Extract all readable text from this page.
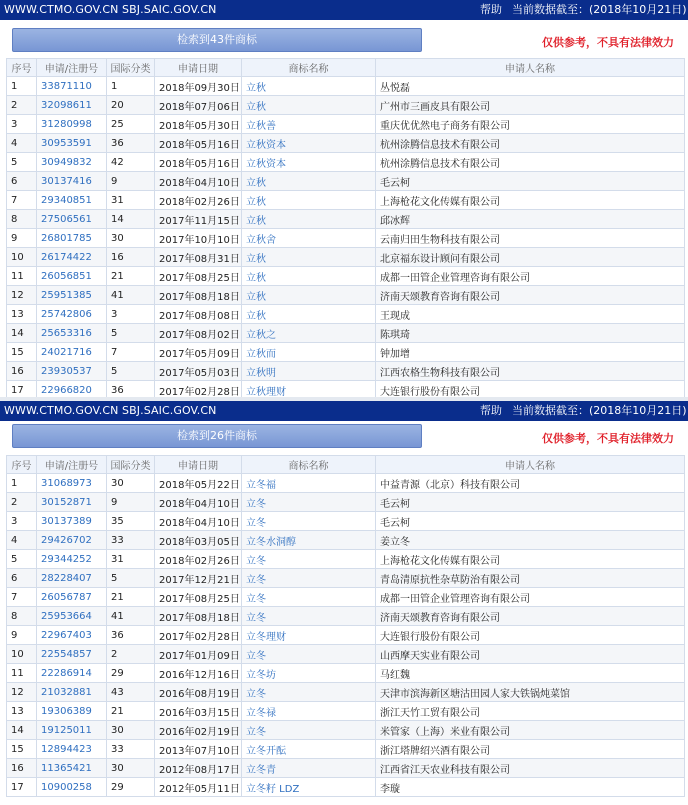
WWW.CTMO.GOV.CN SBJ.SAIC.GOV.CN	帮助 当前数据截至：(2018年10月21日)
检索到43件商标	仅供参考，不具有法律效力
序号	申请/注册号	国际分类	申请日期	商标名称	申请人名称
1	33871110	1	2018年09月30日	立秋	丛悦磊
2	32098611	20	2018年07月06日	立秋	广州市三画皮具有限公司
3	31280998	25	2018年05月30日	立秋善	重庆优优然电子商务有限公司
4	30953591	36	2018年05月16日	立秋资本	杭州涂腾信息技术有限公司
5	30949832	42	2018年05月16日	立秋资本	杭州涂腾信息技术有限公司
6	30137416	9	2018年04月10日	立秋	毛云柯
7	29340851	31	2018年02月26日	立秋	上海枪花文化传媒有限公司
8	27506561	14	2017年11月15日	立秋	邱冰辉
9	26801785	30	2017年10月10日	立秋舍	云南归田生物科技有限公司
10	26174422	16	2017年08月31日	立秋	北京福东设计顾问有限公司
11	26056851	21	2017年08月25日	立秋	成都一田管企业管理咨询有限公司
12	25951385	41	2017年08月18日	立秋	济南天颂教育咨询有限公司
13	25742806	3	2017年08月08日	立秋	王现成
14	25653316	5	2017年08月02日	立秋之	陈琪琦
15	24021716	7	2017年05月09日	立秋而	钟加增
16	23930537	5	2017年05月03日	立秋明	江西农格生物科技有限公司
17	22966820	36	2017年02月28日	立秋理财	大连银行股份有限公司
WWW.CTMO.GOV.CN SBJ.SAIC.GOV.CN	帮助 当前数据截至：(2018年10月21日)
检索到26件商标	仅供参考，不具有法律效力
序号	申请/注册号	国际分类	申请日期	商标名称	申请人名称
1	31068973	30	2018年05月22日	立冬福	中益青源（北京）科技有限公司
2	30152871	9	2018年04月10日	立冬	毛云柯
3	30137389	35	2018年04月10日	立冬	毛云柯
4	29426702	33	2018年03月05日	立冬水洞醇	姜立冬
5	29344252	31	2018年02月26日	立冬	上海枪花文化传媒有限公司
6	28228407	5	2017年12月21日	立冬	青岛清原抗性杂草防治有限公司
7	26056787	21	2017年08月25日	立冬	成都一田管企业管理咨询有限公司
8	25953664	41	2017年08月18日	立冬	济南天颂教育咨询有限公司
9	22967403	36	2017年02月28日	立冬理财	大连银行股份有限公司
10	22554857	2	2017年01月09日	立冬	山西摩天实业有限公司
11	22286914	29	2016年12月16日	立冬坊	马红魏
12	21032881	43	2016年08月19日	立冬	天津市滨海新区塘沽田园人家大铁锅炖菜馆
13	19306389	21	2016年03月15日	立冬禄	浙江天竹工贸有限公司
14	19125011	30	2016年02月19日	立冬	米管家（上海）米业有限公司
15	12894423	33	2013年07月10日	立冬开酝	浙江塔牌绍兴酒有限公司
16	11365421	30	2012年08月17日	立冬青	江西省江天农业科技有限公司
17	10900258	29	2012年05月11日	立冬籽 LDZ	李璇
